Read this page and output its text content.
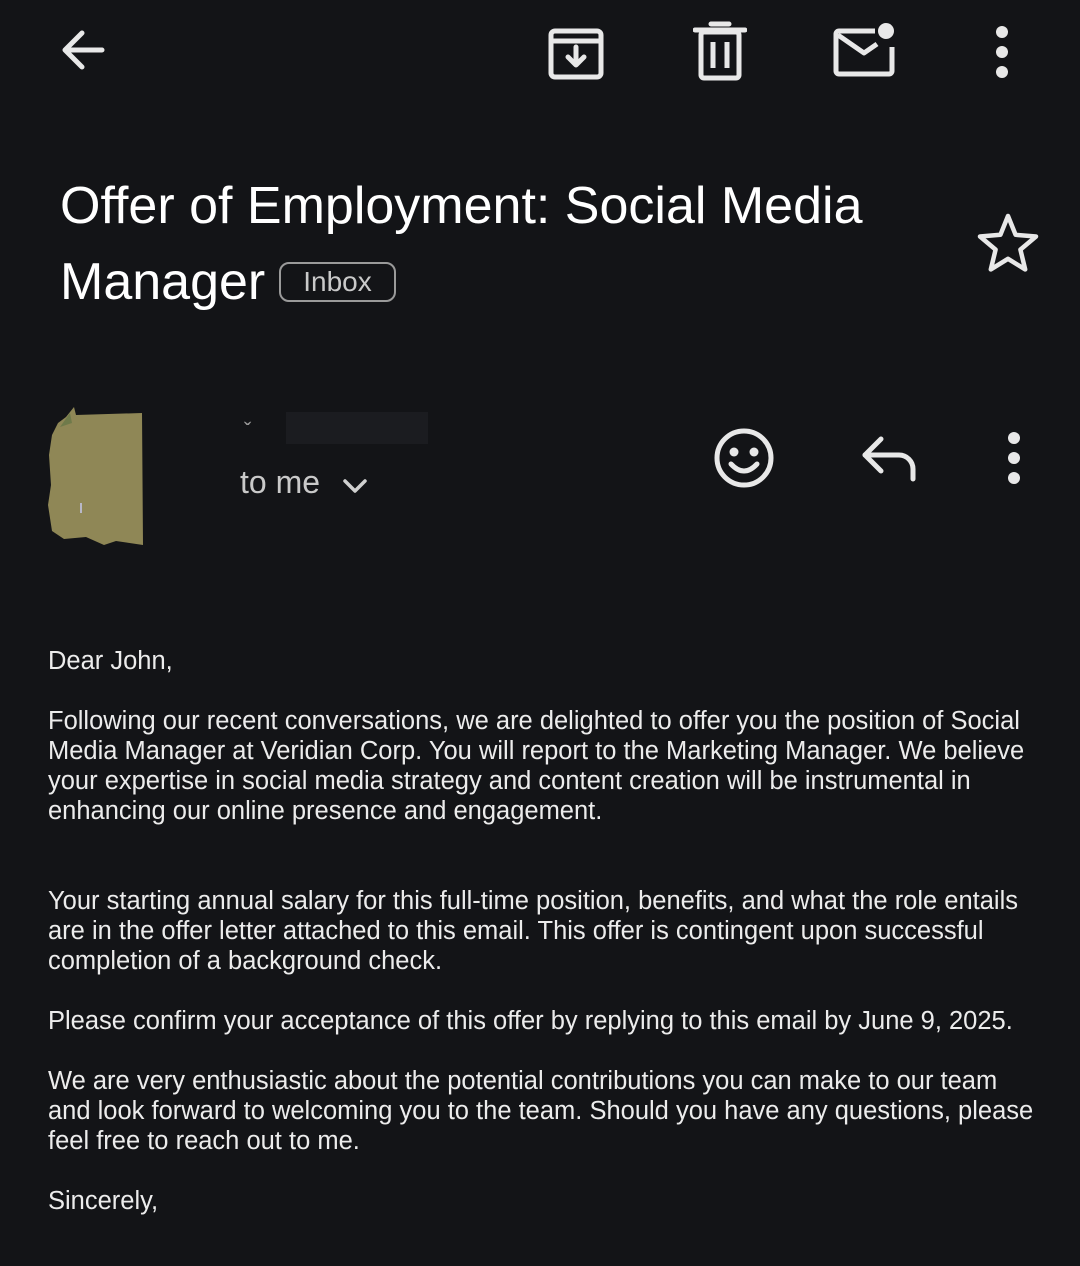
Offer of Employment: Social Media Manager Inbox
ˇ
to me

Dear John,

Following our recent conversations, we are delighted to offer you the position of Social Media Manager at Veridian Corp. You will report to the Marketing Manager. We believe your expertise in social media strategy and content creation will be instrumental in enhancing our online presence and engagement.

Your starting annual salary for this full-time position, benefits, and what the role entails are in the offer letter attached to this email. This offer is contingent upon successful completion of a background check.

Please confirm your acceptance of this offer by replying to this email by June 9, 2025.

We are very enthusiastic about the potential contributions you can make to our team and look forward to welcoming you to the team. Should you have any questions, please feel free to reach out to me.

Sincerely,
